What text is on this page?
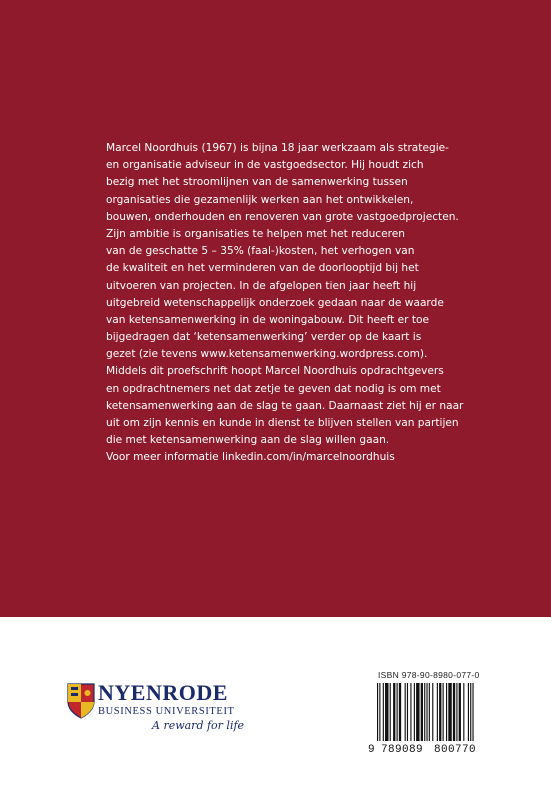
Marcel Noordhuis (1967) is bijna 18 jaar werkzaam als strategie-
en organisatie adviseur in de vastgoedsector. Hij houdt zich
bezig met het stroomlijnen van de samenwerking tussen
organisaties die gezamenlijk werken aan het ontwikkelen,
bouwen, onderhouden en renoveren van grote vastgoedprojecten.
Zijn ambitie is organisaties te helpen met het reduceren
van de geschatte 5 – 35% (faal-)kosten, het verhogen van
de kwaliteit en het verminderen van de doorlooptijd bij het
uitvoeren van projecten. In de afgelopen tien jaar heeft hij
uitgebreid wetenschappelijk onderzoek gedaan naar de waarde
van ketensamenwerking in de woningabouw. Dit heeft er toe
bijgedragen dat ‘ketensamenwerking’ verder op de kaart is
gezet (zie tevens www.ketensamenwerking.wordpress.com).
Middels dit proefschrift hoopt Marcel Noordhuis opdrachtgevers
en opdrachtnemers net dat zetje te geven dat nodig is om met
ketensamenwerking aan de slag te gaan. Daarnaast ziet hij er naar
uit om zijn kennis en kunde in dienst te blijven stellen van partijen
die met ketensamenwerking aan de slag willen gaan.
Voor meer informatie linkedin.com/in/marcelnoordhuis
NYENRODE
BUSINESS UNIVERSITEIT
A reward for life
ISBN 978-90-8980-077-0
9 789089 800770
